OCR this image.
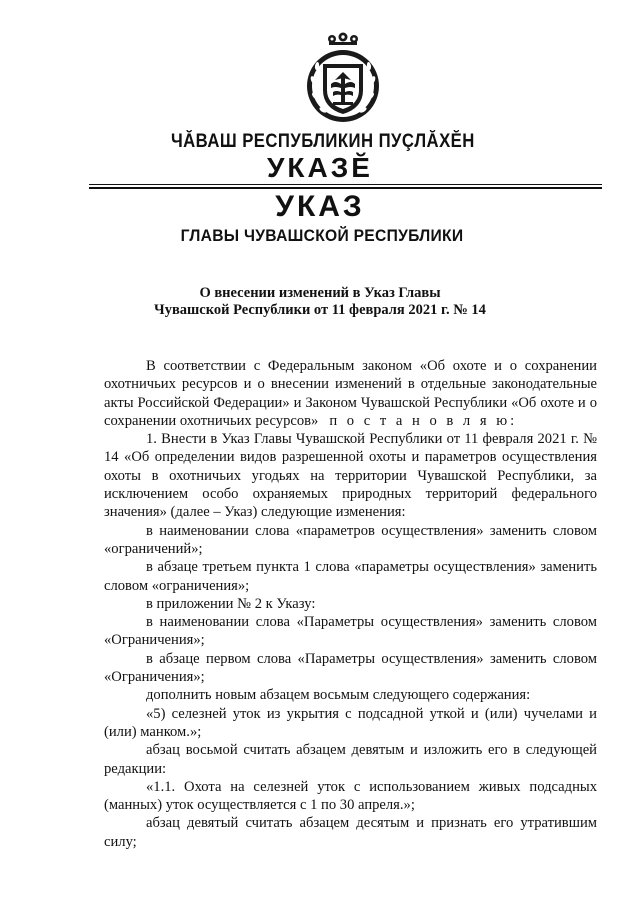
ЧĂВАШ РЕСПУБЛИКИН ПУÇЛĂХĔН
УКАЗĔ
УКАЗ
ГЛАВЫ ЧУВАШСКОЙ РЕСПУБЛИКИ
О внесении изменений в Указ Главы
Чувашской Республики от 11 февраля 2021 г. № 14

В соответствии с Федеральным законом «Об охоте и о сохранении охотничьих ресурсов и о внесении изменений в отдельные законодательные акты Российской Федерации» и Законом Чувашской Республики «Об охоте и о сохранении охотничьих ресурсов» п о с т а н о в л я ю:

1. Внести в Указ Главы Чувашской Республики от 11 февраля 2021 г. № 14 «Об определении видов разрешенной охоты и параметров осуществления охоты в охотничьих угодьях на территории Чувашской Республики, за исключением особо охраняемых природных территорий федерального значения» (далее – Указ) следующие изменения:

в наименовании слова «параметров осуществления» заменить словом «ограничений»;

в абзаце третьем пункта 1 слова «параметры осуществления» заменить словом «ограничения»;

в приложении № 2 к Указу:

в наименовании слова «Параметры осуществления» заменить словом «Ограничения»;

в абзаце первом слова «Параметры осуществления» заменить словом «Ограничения»;

дополнить новым абзацем восьмым следующего содержания:

«5) селезней уток из укрытия с подсадной уткой и (или) чучелами и (или) манком.»;

абзац восьмой считать абзацем девятым и изложить его в следующей редакции:

«1.1. Охота на селезней уток с использованием живых подсадных (манных) уток осуществляется с 1 по 30 апреля.»;

абзац девятый считать абзацем десятым и признать его утратившим силу;
